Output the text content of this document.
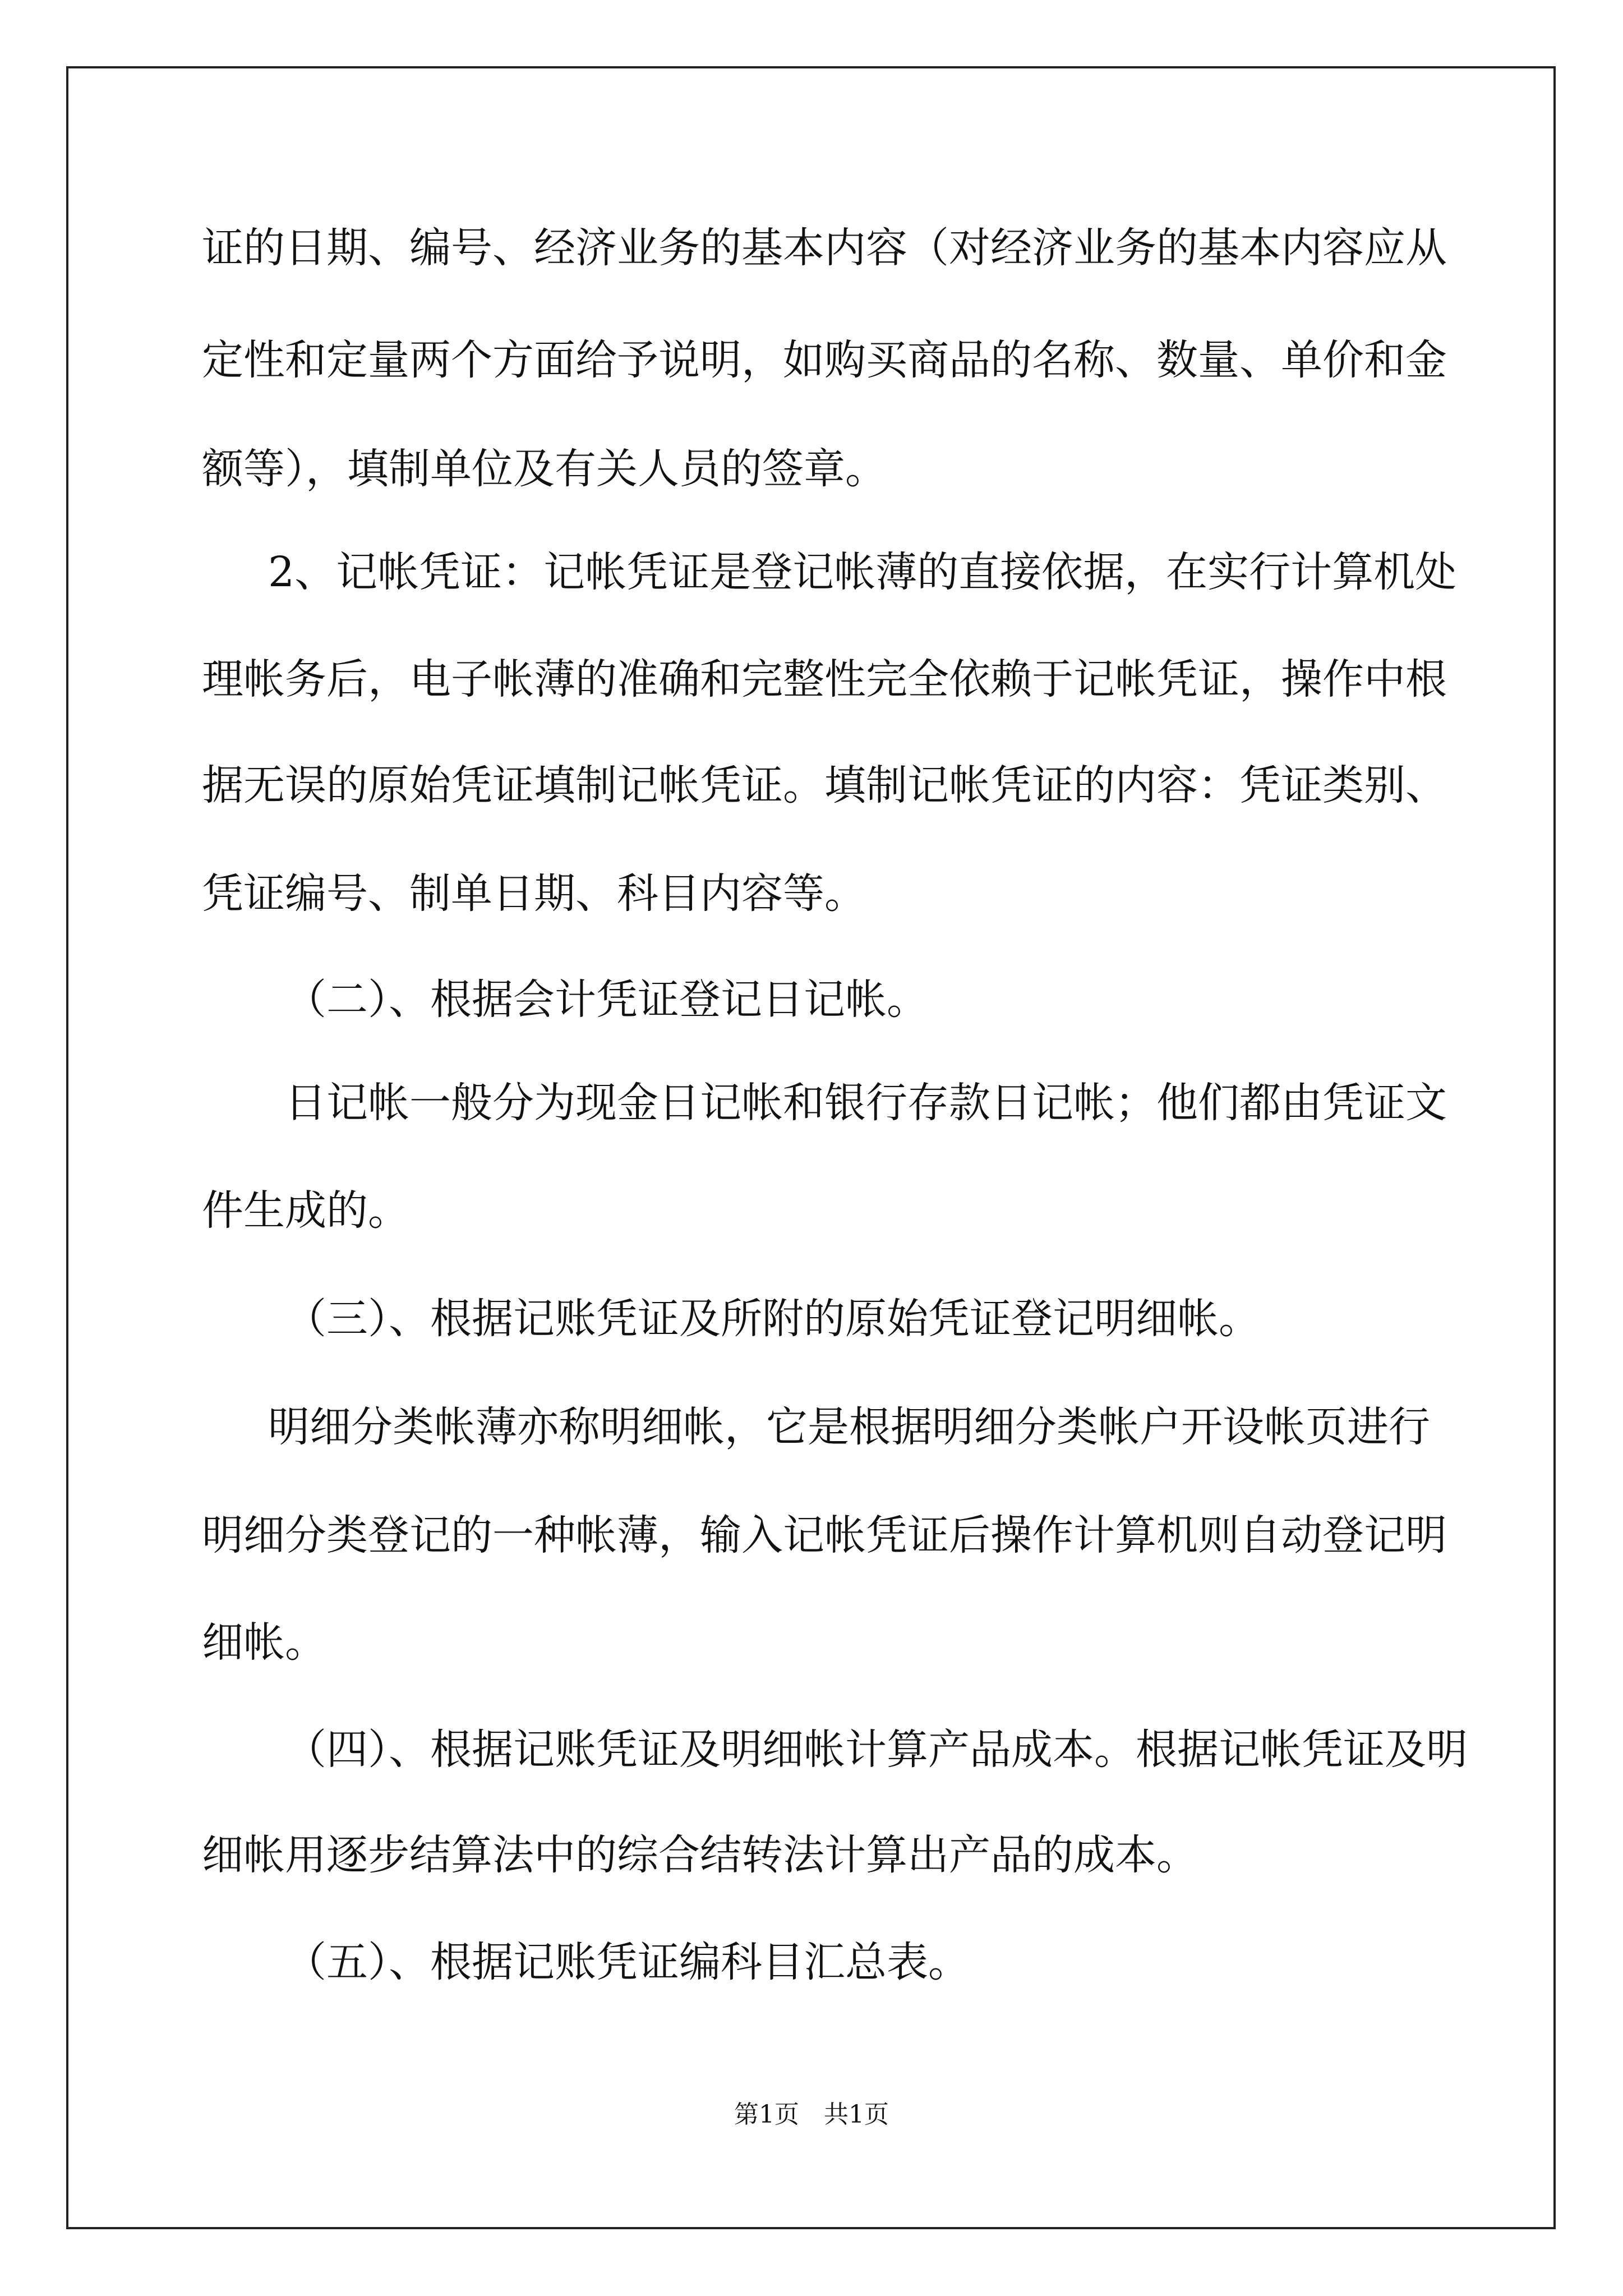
证的日期、编号、经济业务的基本内容（对经济业务的基本内容应从
定性和定量两个方面给予说明，如购买商品的名称、数量、单价和金
额等），填制单位及有关人员的签章。
2、记帐凭证：记帐凭证是登记帐薄的直接依据，在实行计算机处
理帐务后，电子帐薄的准确和完整性完全依赖于记帐凭证，操作中根
据无误的原始凭证填制记帐凭证。填制记帐凭证的内容：凭证类别、
凭证编号、制单日期、科目内容等。
（二）、根据会计凭证登记日记帐。
日记帐一般分为现金日记帐和银行存款日记帐；他们都由凭证文
件生成的。
（三）、根据记账凭证及所附的原始凭证登记明细帐。
明细分类帐薄亦称明细帐，它是根据明细分类帐户开设帐页进行
明细分类登记的一种帐薄，输入记帐凭证后操作计算机则自动登记明
细帐。
（四）、根据记账凭证及明细帐计算产品成本。根据记帐凭证及明
细帐用逐步结算法中的综合结转法计算出产品的成本。
（五）、根据记账凭证编科目汇总表。
第1页　共1页
